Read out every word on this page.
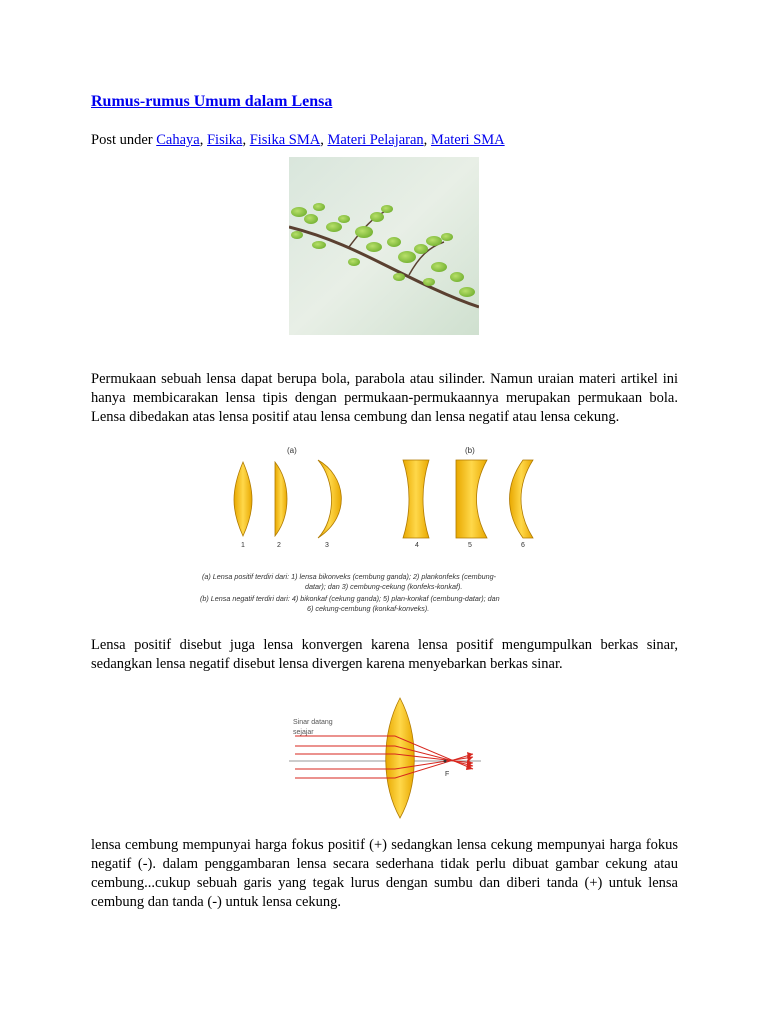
Rumus-rumus Umum dalam Lensa
Post under Cahaya, Fisika, Fisika SMA, Materi Pelajaran, Materi SMA
Permukaan sebuah lensa dapat berupa bola, parabola atau silinder. Namun uraian materi artikel ini hanya membicarakan lensa tipis dengan permukaan-permukaannya merupakan permukaan bola. Lensa dibedakan atas lensa positif atau lensa cembung dan lensa negatif atau lensa cekung.
(a)	(b)
1	2	3	4	5	6
(a) Lensa positif terdiri dari: 1) lensa bikonveks (cembung ganda); 2) plankonfeks (cembung-
datar); dan 3) cembung-cekung (konfeks-konkaf).
(b) Lensa negatif terdiri dari: 4) bikonkaf (cekung ganda); 5) plan-konkaf (cembung-datar); dan
6) cekung-cembung (konkaf-konveks).
Lensa positif disebut juga lensa konvergen karena lensa positif mengumpulkan berkas sinar, sedangkan lensa negatif disebut lensa divergen karena menyebarkan berkas sinar.
Sinar datang
sejajar
F
lensa cembung mempunyai harga fokus positif (+) sedangkan lensa cekung mempunyai harga fokus negatif (-). dalam penggambaran lensa secara sederhana tidak perlu dibuat gambar cekung atau cembung...cukup sebuah garis yang tegak lurus dengan sumbu dan diberi tanda (+) untuk lensa cembung dan tanda (-) untuk lensa cekung.
